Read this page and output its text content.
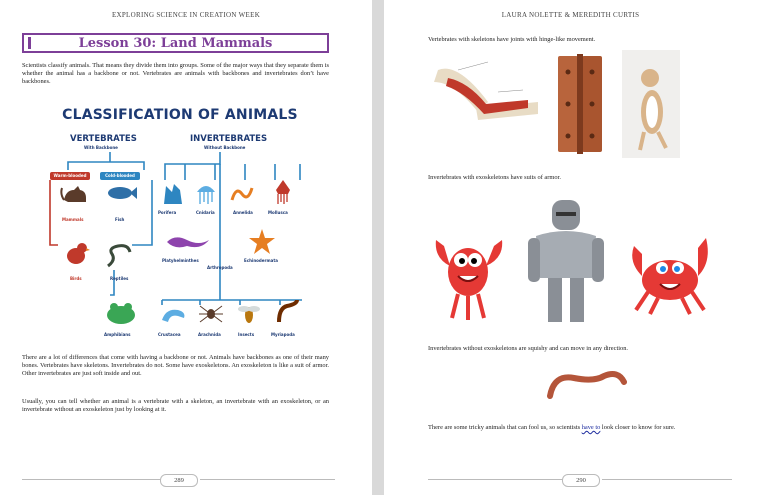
EXPLORING SCIENCE IN CREATION WEEK
Lesson 30: Land Mammals
Scientists classify animals. That means they divide them into groups. Some of the major ways that they separate them is whether the animal has a backbone or not. Vertebrates are animals with backbones and invertebrates don’t have backbones.
CLASSIFICATION OF ANIMALS
VERTEBRATES
With Backbone
INVERTEBRATES
Without Backbone
Warm-blooded	Cold-blooded
Mammals	Fish
Birds	Reptiles
Amphibians
Porifera	Cnidaria	Annelida	Mollusca
Platyhelminthes	Echinodermata
Arthropoda
Crustacea	Arachnida	Insects	Myriapoda
There are a lot of differences that come with having a backbone or not. Animals have backbones as one of their many bones. Vertebrates have skeletons. Invertebrates do not. Some have exoskeletons. An exoskeleton is like a suit of armor. Other invertebrates are just soft inside and out.
Usually, you can tell whether an animal is a vertebrate with a skeleton, an invertebrate with an exoskeleton, or an invertebrate without an exoskeleton just by looking at it.
289
LAURA NOLETTE & MEREDITH CURTIS
Vertebrates with skeletons have joints with hinge-like movement.
Invertebrates with exoskeletons have suits of armor.
Invertebrates without exoskeletons are squishy and can move in any direction.
There are some tricky animals that can fool us, so scientists have to look closer to know for sure.
290
